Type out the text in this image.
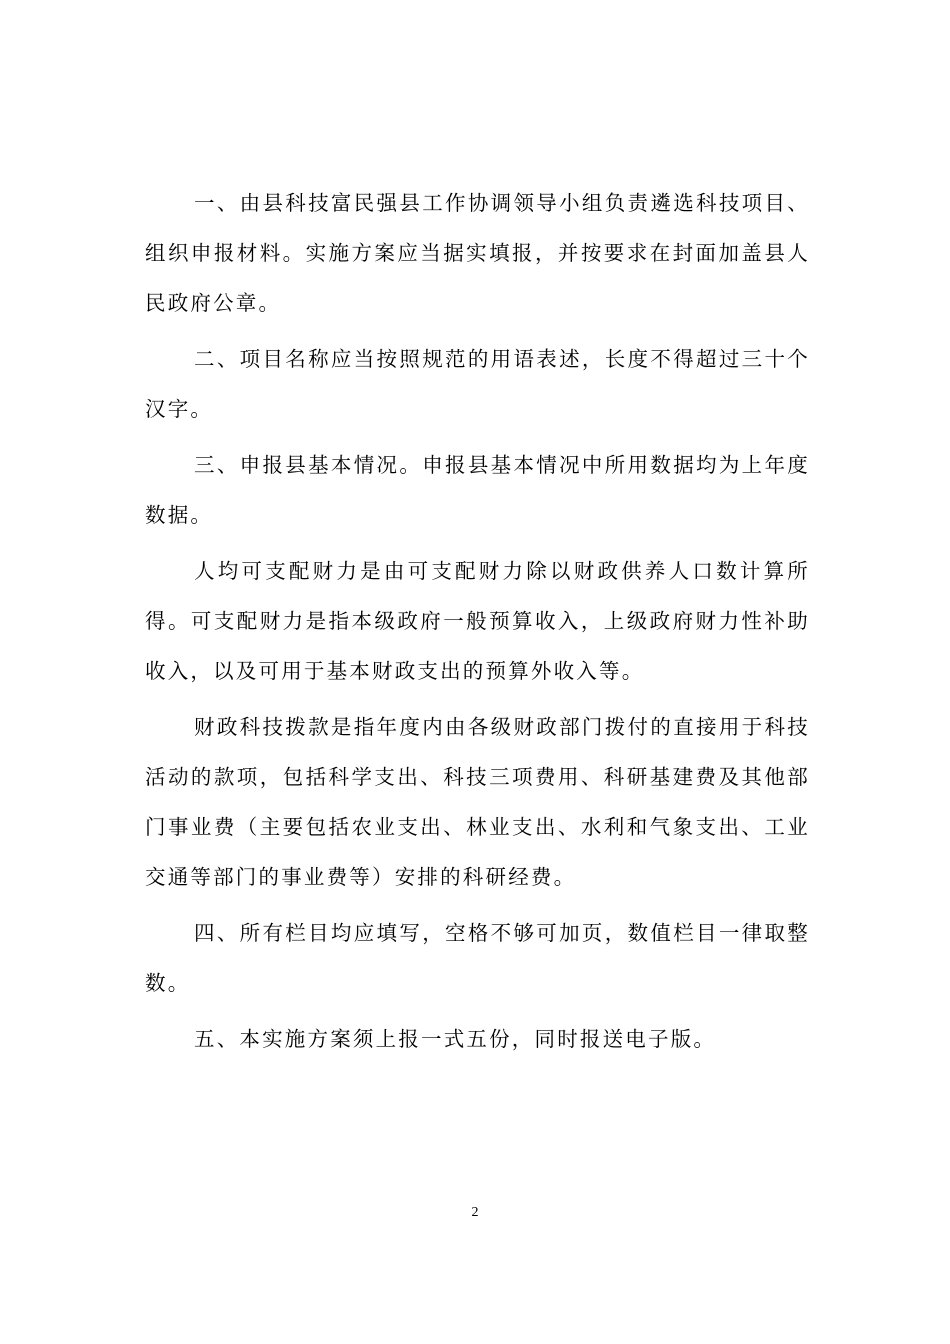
一、由县科技富民强县工作协调领导小组负责遴选科技项目、组织申报材料。实施方案应当据实填报，并按要求在封面加盖县人民政府公章。

二、项目名称应当按照规范的用语表述，长度不得超过三十个汉字。

三、申报县基本情况。申报县基本情况中所用数据均为上年度数据。

人均可支配财力是由可支配财力除以财政供养人口数计算所得。可支配财力是指本级政府一般预算收入，上级政府财力性补助收入，以及可用于基本财政支出的预算外收入等。

财政科技拨款是指年度内由各级财政部门拨付的直接用于科技活动的款项，包括科学支出、科技三项费用、科研基建费及其他部门事业费（主要包括农业支出、林业支出、水利和气象支出、工业交通等部门的事业费等）安排的科研经费。

四、所有栏目均应填写，空格不够可加页，数值栏目一律取整数。

五、本实施方案须上报一式五份，同时报送电子版。

2
